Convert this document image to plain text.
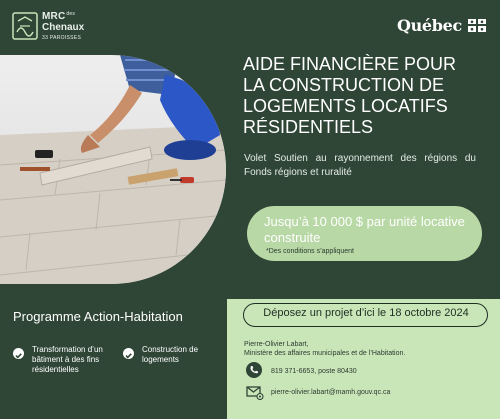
$MRC^{des}$
Chenaux
33 PAROISSES
Québec
AIDE FINANCIÈRE POUR LA CONSTRUCTION DE LOGEMENTS LOCATIFS RÉSIDENTIELS
Volet Soutien au rayonnement des régions du Fonds régions et ruralité
Jusqu’à 10 000 $ par unité locative construite
*Des conditions s’appliquent
Programme Action-Habitation
Transformation d’un bâtiment à des fins résidentielles
Construction de logements
Déposez un projet d’ici le 18 octobre 2024
Pierre-Olivier Labart,
Ministère des affaires municipales et de l’Habitation.
819 371-6653, poste 80430
pierre-olivier.labart@mamh.gouv.qc.ca
